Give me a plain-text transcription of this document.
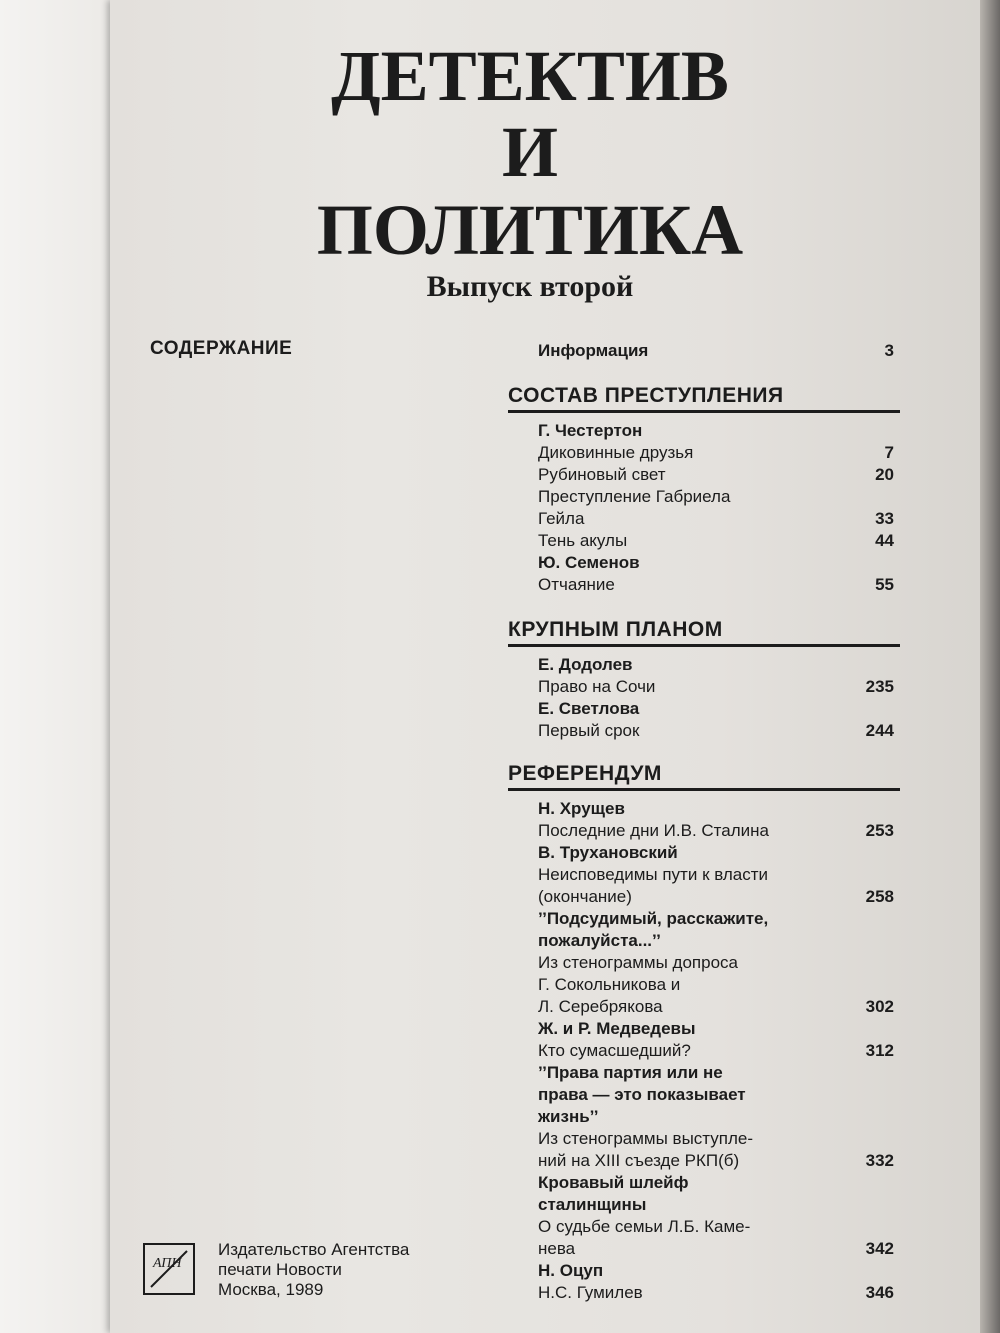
ДЕТЕКТИВ
И
ПОЛИТИКА
Выпуск второй
СОДЕРЖАНИЕ	Информация	3
СОСТАВ ПРЕСТУПЛЕНИЯ
КРУПНЫМ ПЛАНОМ
РЕФЕРЕНДУМ
Г. Честертон
Диковинные друзья	7
Рубиновый свет	20
Преступление Габриела
Гейла	33
Тень акулы	44
Ю. Семенов
Отчаяние	55
Е. Додолев
Право на Сочи	235
Е. Светлова
Первый срок	244
Н. Хрущев
Последние дни И.В. Сталина	253
В. Трухановский
Неисповедимы пути к власти
(окончание)	258
’’Подсудимый, расскажите,
пожалуйста...’’
Из стенограммы допроса
Г. Сокольникова и
Л. Серебрякова	302
Ж. и Р. Медведевы
Кто сумасшедший?	312
’’Права партия или не
права — это показывает
жизнь’’
Из стенограммы выступле-
ний на XIII съезде РКП(б)	332
Кровавый шлейф
сталинщины
О судьбе семьи Л.Б. Каме-
нева	342
Н. Оцуп
Н.С. Гумилев	346
АПН
Издательство Агентства
печати Новости
Москва, 1989
